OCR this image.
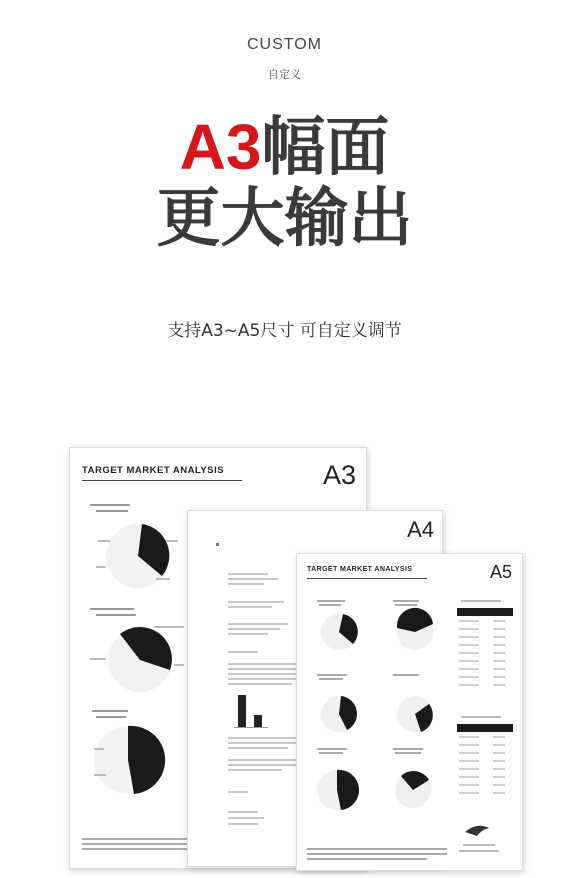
CUSTOM
自定义
A3幅面
更大输出
支持A3~A5尺寸 可自定义调节
TARGET MARKET ANALYSIS	A3
A4
TARGET MARKET ANALYSIS	A5
